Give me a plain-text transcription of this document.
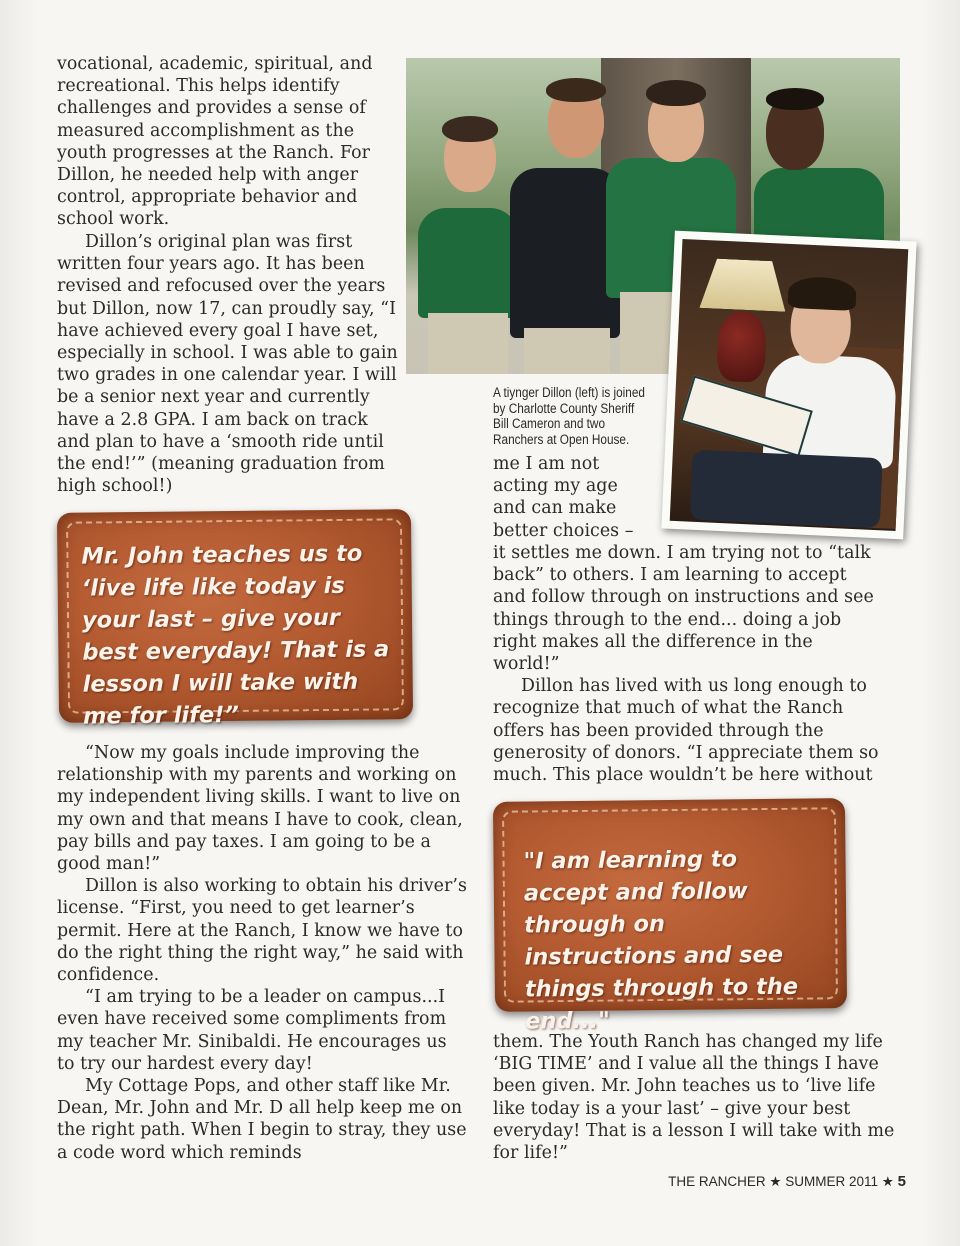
vocational, academic, spiritual, and recreational. This helps identify challenges and provides a sense of measured accomplishment as the youth progresses at the Ranch. For Dillon, he needed help with anger control, appropriate behavior and school work.

Dillon’s original plan was first written four years ago. It has been revised and refocused over the years but Dillon, now 17, can proudly say, “I have achieved every goal I have set, especially in school. I was able to gain two grades in one calendar year. I will be a senior next year and currently have a 2.8 GPA. I am back on track and plan to have a ‘smooth ride until the end!’” (meaning graduation from high school!)

Mr. John teaches us to ‘live life like today is your last – give your best everyday! That is a lesson I will take with me for life!”

“Now my goals include improving the relationship with my parents and working on my independent living skills. I want to live on my own and that means I have to cook, clean, pay bills and pay taxes. I am going to be a good man!”

Dillon is also working to obtain his driver’s license. “First, you need to get learner’s permit. Here at the Ranch, I know we have to do the right thing the right way,” he said with confidence.

“I am trying to be a leader on campus...I even have received some compliments from my teacher Mr. Sinibaldi. He encourages us to try our hardest every day!

My Cottage Pops, and other staff like Mr. Dean, Mr. John and Mr. D all help keep me on the right path. When I begin to stray, they use a code word which reminds

A tiynger Dillon (left) is joined by Charlotte County Sheriff Bill Cameron and two Ranchers at Open House.

me I am not

acting my age

and can make

better choices –

it settles me down. I am trying not to “talk back” to others. I am learning to accept and follow through on instructions and see things through to the end... doing a job right makes all the difference in the world!”

Dillon has lived with us long enough to recognize that much of what the Ranch offers has been provided through the generosity of donors. “I appreciate them so much. This place wouldn’t be here without

"I am learning to accept and follow through on instructions and see things through to the end..."

them. The Youth Ranch has changed my life ‘BIG TIME’ and I value all the things I have been given. Mr. John teaches us to ‘live life like today is a your last’ – give your best everyday! That is a lesson I will take with me for life!”

THE RANCHER ★ SUMMER 2011 ★ 5
